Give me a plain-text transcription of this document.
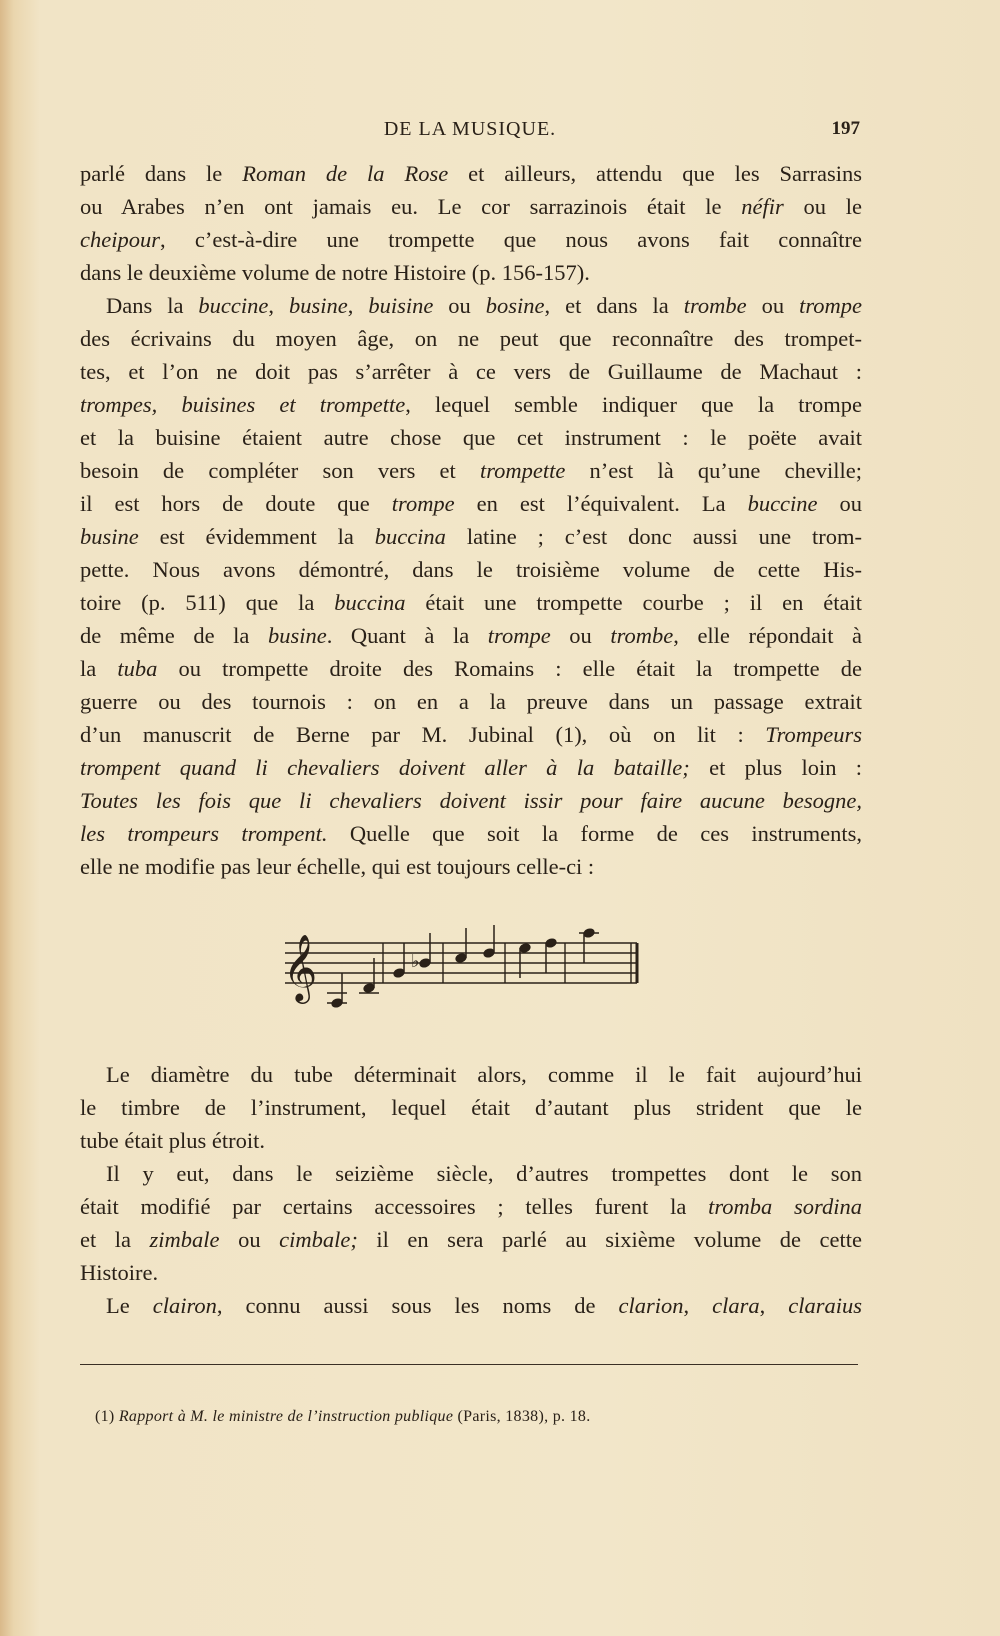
DE LA MUSIQUE.	197

parlé dans le Roman de la Rose et ailleurs, attendu que les Sarrasins
ou Arabes n’en ont jamais eu. Le cor sarrazinois était le néfir ou le
cheipour, c’est-à-dire une trompette que nous avons fait connaître
dans le deuxième volume de notre Histoire (p. 156-157).

Dans la buccine, busine, buisine ou bosine, et dans la trombe ou trompe
des écrivains du moyen âge, on ne peut que reconnaître des trompet-
tes, et l’on ne doit pas s’arrêter à ce vers de Guillaume de Machaut :
trompes, buisines et trompette, lequel semble indiquer que la trompe
et la buisine étaient autre chose que cet instrument : le poëte avait
besoin de compléter son vers et trompette n’est là qu’une cheville;
il est hors de doute que trompe en est l’équivalent. La buccine ou
busine est évidemment la buccina latine ; c’est donc aussi une trom-
pette. Nous avons démontré, dans le troisième volume de cette His-
toire (p. 511) que la buccina était une trompette courbe ; il en était
de même de la busine. Quant à la trompe ou trombe, elle répondait à
la tuba ou trompette droite des Romains : elle était la trompette de
guerre ou des tournois : on en a la preuve dans un passage extrait
d’un manuscrit de Berne par M. Jubinal (1), où on lit : Trompeurs
trompent quand li chevaliers doivent aller à la bataille; et plus loin :
Toutes les fois que li chevaliers doivent issir pour faire aucune besogne,
les trompeurs trompent. Quelle que soit la forme de ces instruments,
elle ne modifie pas leur échelle, qui est toujours celle-ci :

𝄞	♭

Le diamètre du tube déterminait alors, comme il le fait aujourd’hui
le timbre de l’instrument, lequel était d’autant plus strident que le
tube était plus étroit.

Il y eut, dans le seizième siècle, d’autres trompettes dont le son
était modifié par certains accessoires ; telles furent la tromba sordina
et la zimbale ou cimbale; il en sera parlé au sixième volume de cette
Histoire.

Le clairon, connu aussi sous les noms de clarion, clara, claraius

(1) Rapport à M. le ministre de l’instruction publique (Paris, 1838), p. 18.
